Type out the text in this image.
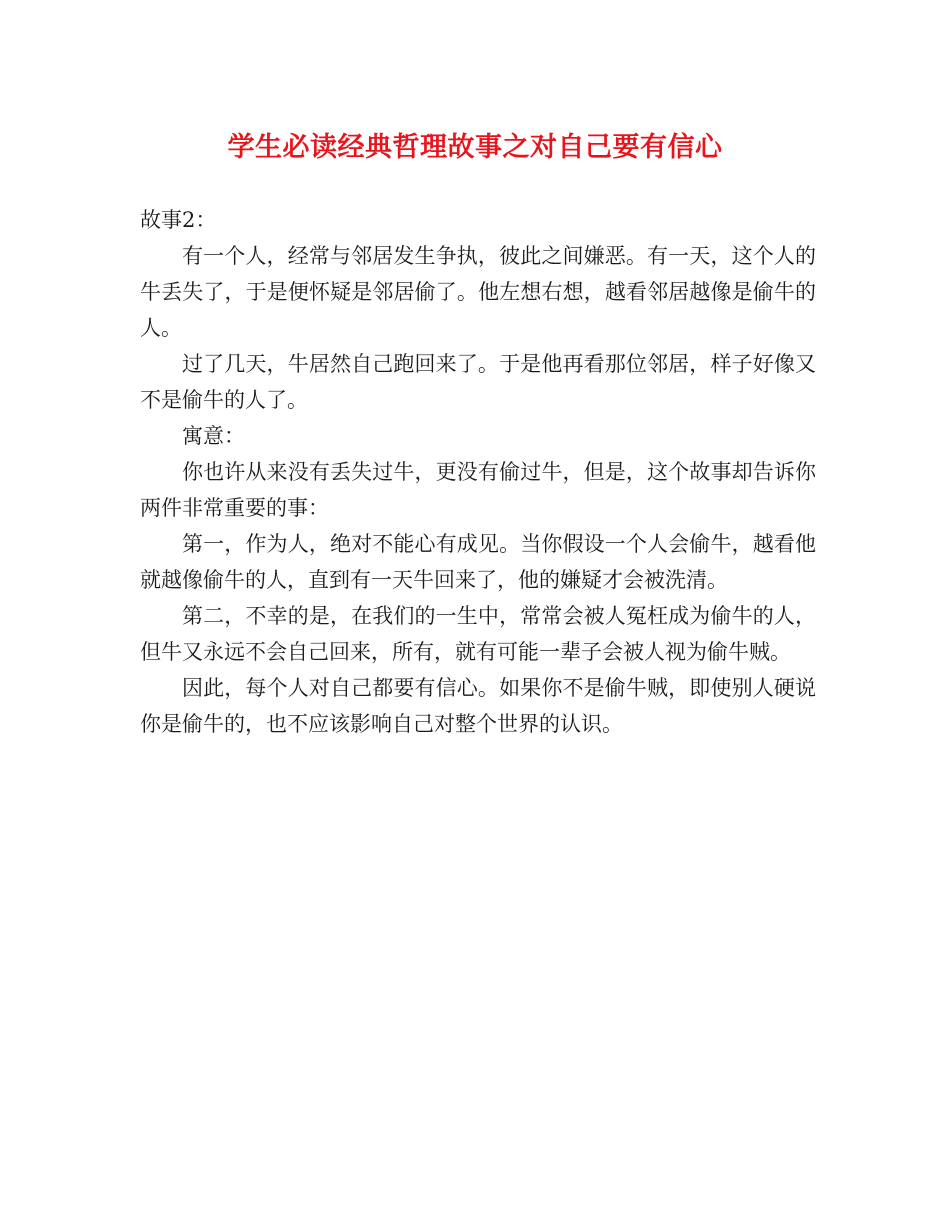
学生必读经典哲理故事之对自己要有信心

故事2：

有一个人，经常与邻居发生争执，彼此之间嫌恶。有一天，这个人的牛丢失了，于是便怀疑是邻居偷了。他左想右想，越看邻居越像是偷牛的人。

过了几天，牛居然自己跑回来了。于是他再看那位邻居，样子好像又不是偷牛的人了。

寓意：

你也许从来没有丢失过牛，更没有偷过牛，但是，这个故事却告诉你两件非常重要的事：

第一，作为人，绝对不能心有成见。当你假设一个人会偷牛，越看他就越像偷牛的人，直到有一天牛回来了，他的嫌疑才会被洗清。

第二，不幸的是，在我们的一生中，常常会被人冤枉成为偷牛的人，但牛又永远不会自己回来，所有，就有可能一辈子会被人视为偷牛贼。

因此，每个人对自己都要有信心。如果你不是偷牛贼，即使别人硬说你是偷牛的，也不应该影响自己对整个世界的认识。
